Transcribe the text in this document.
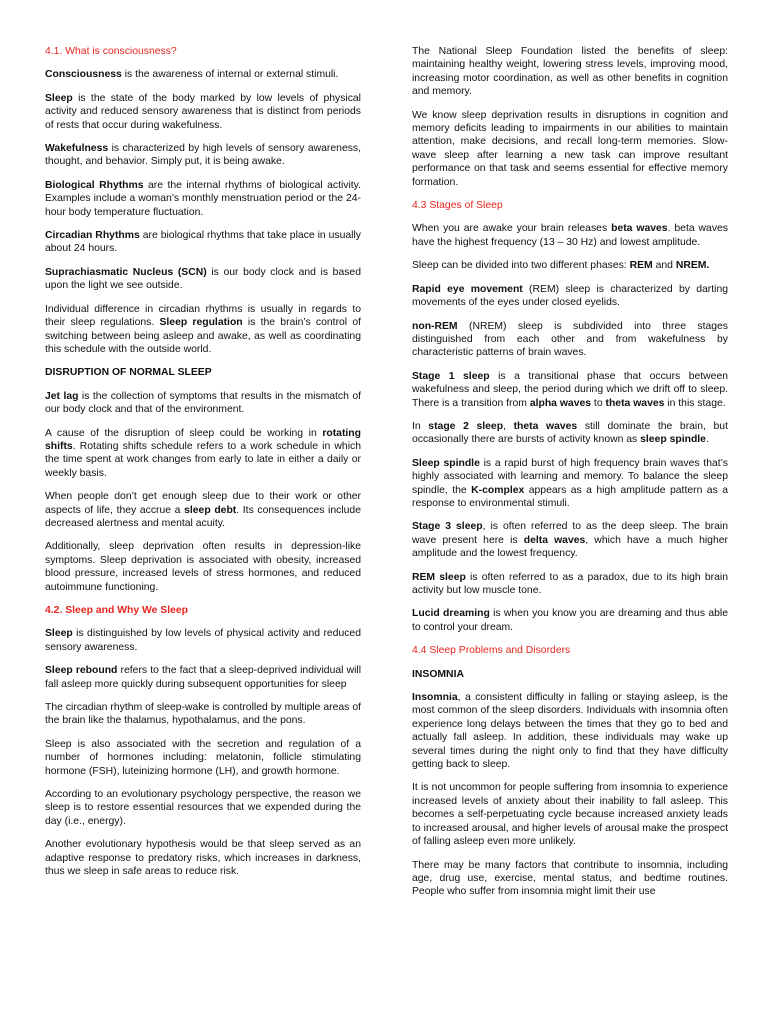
4.1. What is consciousness?

Consciousness is the awareness of internal or external stimuli.

Sleep is the state of the body marked by low levels of physical activity and reduced sensory awareness that is distinct from periods of rests that occur during wakefulness.

Wakefulness is characterized by high levels of sensory awareness, thought, and behavior. Simply put, it is being awake.

Biological Rhythms are the internal rhythms of biological activity. Examples include a woman’s monthly menstruation period or the 24-hour body temperature fluctuation.

Circadian Rhythms are biological rhythms that take place in usually about 24 hours.

Suprachiasmatic Nucleus (SCN) is our body clock and is based upon the light we see outside.

Individual difference in circadian rhythms is usually in regards to their sleep regulations. Sleep regulation is the brain’s control of switching between being asleep and awake, as well as coordinating this schedule with the outside world.

DISRUPTION OF NORMAL SLEEP

Jet lag is the collection of symptoms that results in the mismatch of our body clock and that of the environment.

A cause of the disruption of sleep could be working in rotating shifts. Rotating shifts schedule refers to a work schedule in which the time spent at work changes from early to late in either a daily or weekly basis.

When people don’t get enough sleep due to their work or other aspects of life, they accrue a sleep debt. Its consequences include decreased alertness and mental acuity.

Additionally, sleep deprivation often results in depression-like symptoms. Sleep deprivation is associated with obesity, increased blood pressure, increased levels of stress hormones, and reduced autoimmune functioning.

4.2. Sleep and Why We Sleep

Sleep is distinguished by low levels of physical activity and reduced sensory awareness.

Sleep rebound refers to the fact that a sleep-deprived individual will fall asleep more quickly during subsequent opportunities for sleep

The circadian rhythm of sleep-wake is controlled by multiple areas of the brain like the thalamus, hypothalamus, and the pons.

Sleep is also associated with the secretion and regulation of a number of hormones including: melatonin, follicle stimulating hormone (FSH), luteinizing hormone (LH), and growth hormone.

According to an evolutionary psychology perspective, the reason we sleep is to restore essential resources that we expended during the day (i.e., energy).

Another evolutionary hypothesis would be that sleep served as an adaptive response to predatory risks, which increases in darkness, thus we sleep in safe areas to reduce risk.

The National Sleep Foundation listed the benefits of sleep: maintaining healthy weight, lowering stress levels, improving mood, increasing motor coordination, as well as other benefits in cognition and memory.

We know sleep deprivation results in disruptions in cognition and memory deficits leading to impairments in our abilities to maintain attention, make decisions, and recall long-term memories. Slow-wave sleep after learning a new task can improve resultant performance on that task and seems essential for effective memory formation.

4.3 Stages of Sleep

When you are awake your brain releases beta waves. beta waves have the highest frequency (13 – 30 Hz) and lowest amplitude.

Sleep can be divided into two different phases: REM and NREM.

Rapid eye movement (REM) sleep is characterized by darting movements of the eyes under closed eyelids.

non-REM (NREM) sleep is subdivided into three stages distinguished from each other and from wakefulness by characteristic patterns of brain waves.

Stage 1 sleep is a transitional phase that occurs between wakefulness and sleep, the period during which we drift off to sleep. There is a transition from alpha waves to theta waves in this stage.

In stage 2 sleep, theta waves still dominate the brain, but occasionally there are bursts of activity known as sleep spindle.

Sleep spindle is a rapid burst of high frequency brain waves that’s highly associated with learning and memory. To balance the sleep spindle, the K-complex appears as a high amplitude pattern as a response to environmental stimuli.

Stage 3 sleep, is often referred to as the deep sleep. The brain wave present here is delta waves, which have a much higher amplitude and the lowest frequency.

REM sleep is often referred to as a paradox, due to its high brain activity but low muscle tone.

Lucid dreaming is when you know you are dreaming and thus able to control your dream.

4.4 Sleep Problems and Disorders

INSOMNIA

Insomnia, a consistent difficulty in falling or staying asleep, is the most common of the sleep disorders. Individuals with insomnia often experience long delays between the times that they go to bed and actually fall asleep. In addition, these individuals may wake up several times during the night only to find that they have difficulty getting back to sleep.

It is not uncommon for people suffering from insomnia to experience increased levels of anxiety about their inability to fall asleep. This becomes a self-perpetuating cycle because increased anxiety leads to increased arousal, and higher levels of arousal make the prospect of falling asleep even more unlikely.

There may be many factors that contribute to insomnia, including age, drug use, exercise, mental status, and bedtime routines. People who suffer from insomnia might limit their use
